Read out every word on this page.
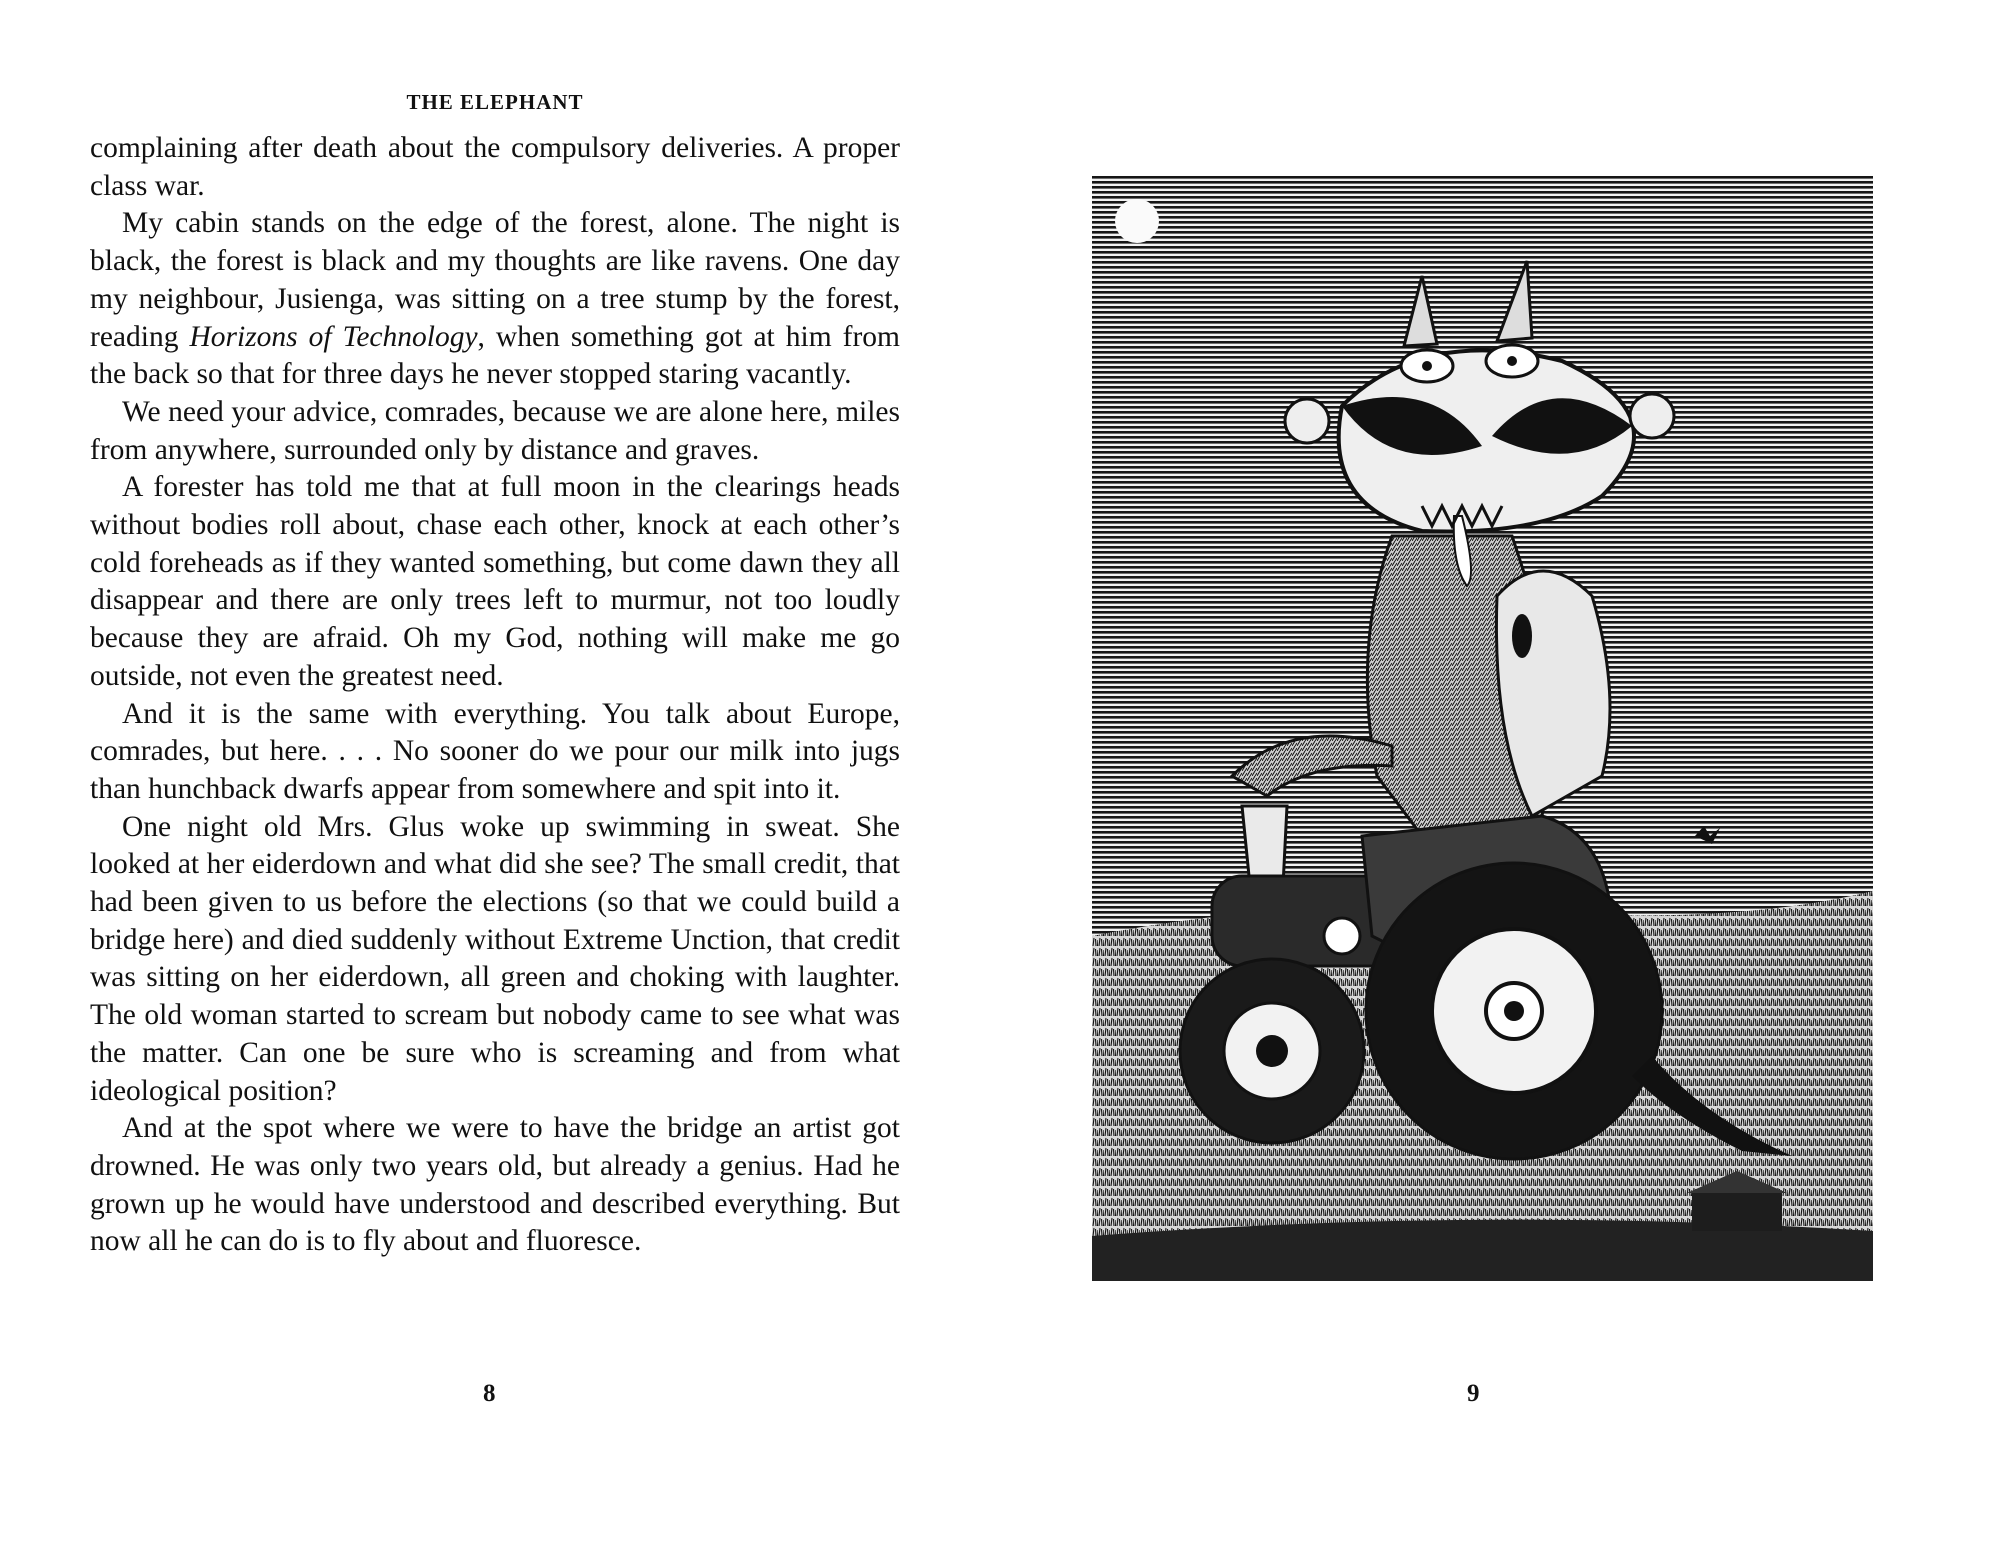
THE ELEPHANT

complaining after death about the compulsory deliveries. A proper class war.

My cabin stands on the edge of the forest, alone. The night is black, the forest is black and my thoughts are like ravens. One day my neighbour, Jusienga, was sitting on a tree stump by the forest, reading Horizons of Technology, when something got at him from the back so that for three days he never stopped staring vacantly.

We need your advice, comrades, because we are alone here, miles from anywhere, surrounded only by distance and graves.

A forester has told me that at full moon in the clearings heads without bodies roll about, chase each other, knock at each other’s cold foreheads as if they wanted something, but come dawn they all disappear and there are only trees left to murmur, not too loudly because they are afraid. Oh my God, nothing will make me go outside, not even the greatest need.

And it is the same with everything. You talk about Europe, comrades, but here. . . . No sooner do we pour our milk into jugs than hunchback dwarfs appear from somewhere and spit into it.

One night old Mrs. Glus woke up swimming in sweat. She looked at her eiderdown and what did she see? The small credit, that had been given to us before the elections (so that we could build a bridge here) and died suddenly without Extreme Unction, that credit was sitting on her eiderdown, all green and choking with laughter. The old woman started to scream but nobody came to see what was the matter. Can one be sure who is screaming and from what ideological position?

And at the spot where we were to have the bridge an artist got drowned. He was only two years old, but already a genius. Had he grown up he would have understood and described everything. But now all he can do is to fly about and fluoresce.

8	9
